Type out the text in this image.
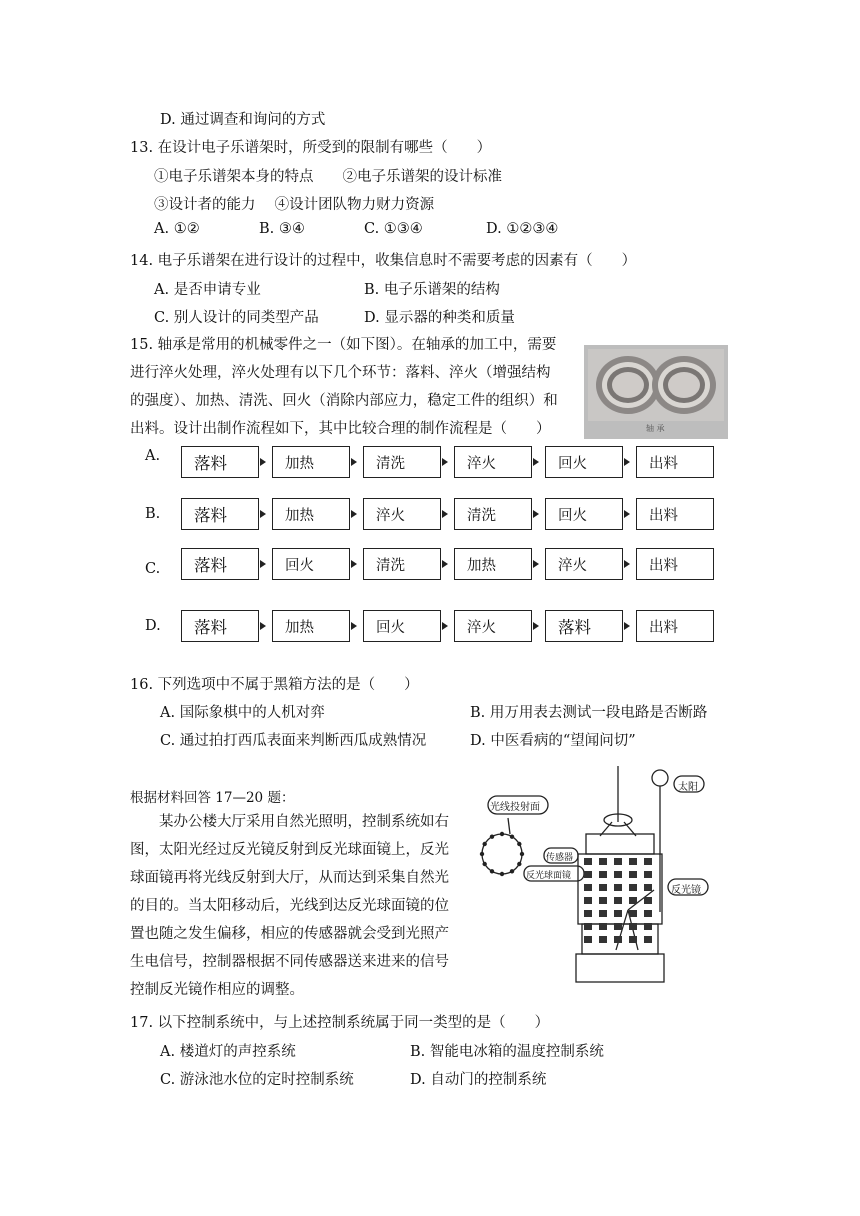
D. 通过调查和询问的方式
13. 在设计电子乐谱架时，所受到的限制有哪些（　　）
①电子乐谱架本身的特点　　②电子乐谱架的设计标准
③设计者的能力　 ④设计团队物力财力资源
A. ①②	B. ③④	C. ①③④	D. ①②③④
14. 电子乐谱架在进行设计的过程中，收集信息时不需要考虑的因素有（　　）
A. 是否申请专业	B. 电子乐谱架的结构
C. 别人设计的同类型产品	D. 显示器的种类和质量
15. 轴承是常用的机械零件之一（如下图）。在轴承的加工中，需要
进行淬火处理，淬火处理有以下几个环节：落料、淬火（增强结构
的强度）、加热、清洗、回火（消除内部应力，稳定工件的组织）和
出料。设计出制作流程如下，其中比较合理的制作流程是（　　）	轴 承
A.	落料	加热	清洗	淬火	回火	出料
B.	落料	加热	淬火	清洗	回火	出料
C.	落料	回火	清洗	加热	淬火	出料
D.	落料	加热	回火	淬火	落料	出料
16. 下列选项中不属于黑箱方法的是（　　）
A. 国际象棋中的人机对弈	B. 用万用表去测试一段电路是否断路
C. 通过拍打西瓜表面来判断西瓜成熟情况	D. 中医看病的“望闻问切”
根据材料回答 17—20 题：
　　某办公楼大厅采用自然光照明，控制系统如右
图，太阳光经过反光镜反射到反光球面镜上，反光
球面镜再将光线反射到大厅，从而达到采集自然光
的目的。当太阳移动后，光线到达反光球面镜的位
置也随之发生偏移，相应的传感器就会受到光照产
生电信号，控制器根据不同传感器送来进来的信号
控制反光镜作相应的调整。
光线投射面
太阳
传感器
反光镜
反光球面镜
17. 以下控制系统中，与上述控制系统属于同一类型的是（　　）
A. 楼道灯的声控系统	B. 智能电冰箱的温度控制系统
C. 游泳池水位的定时控制系统	D. 自动门的控制系统
